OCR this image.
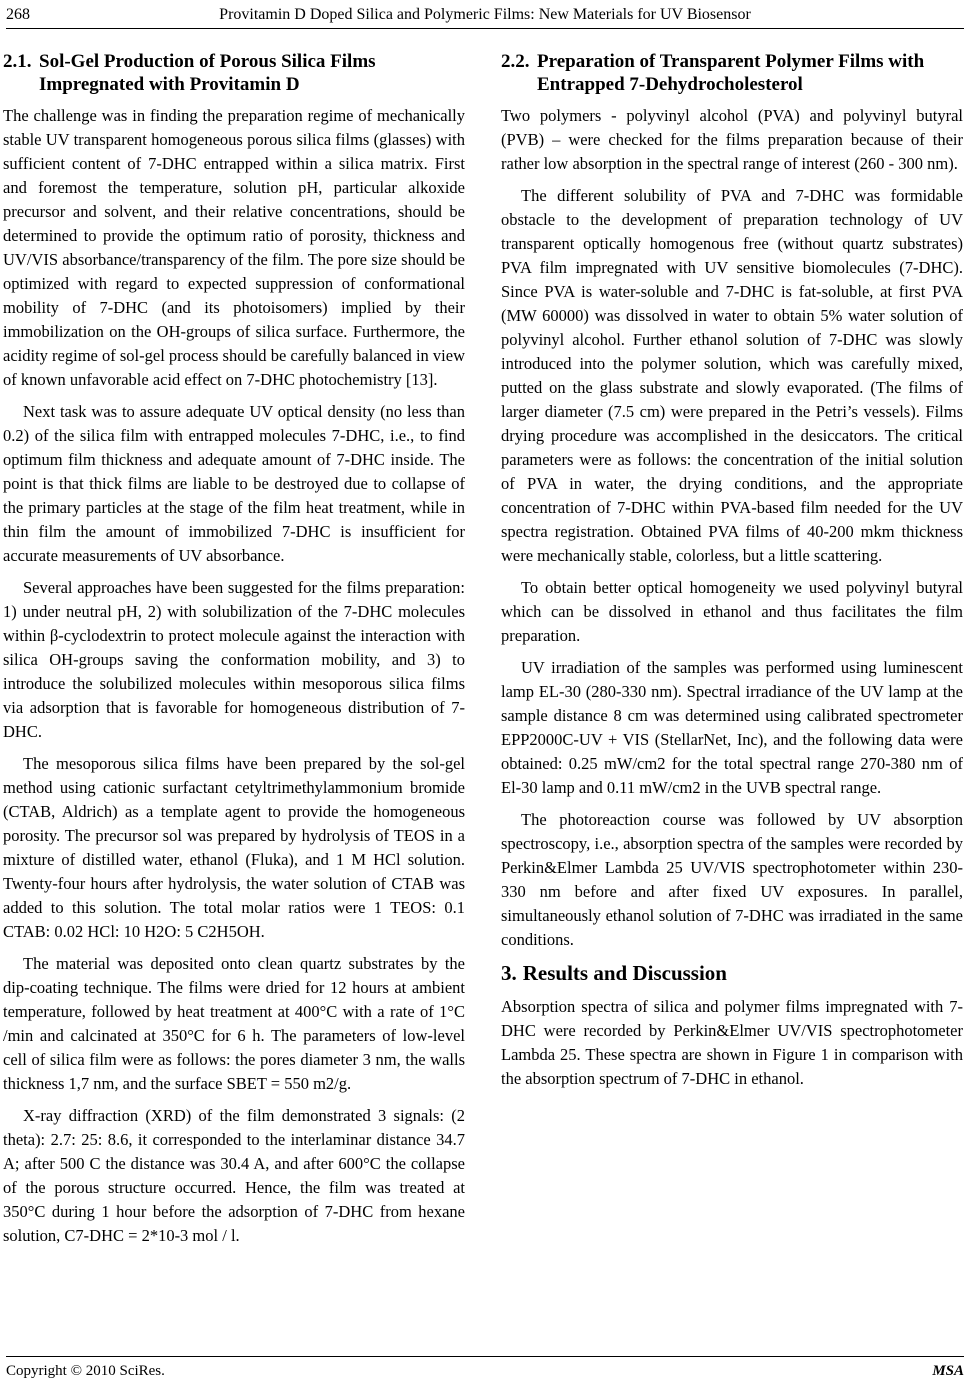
268	Provitamin D Doped Silica and Polymeric Films: New Materials for UV Biosensor
2.1. Sol-Gel Production of Porous Silica Films Impregnated with Provitamin D

The challenge was in finding the preparation regime of mechanically stable UV transparent homogeneous porous silica films (glasses) with sufficient content of 7-DHC entrapped within a silica matrix. First and foremost the temperature, solution pH, particular alkoxide precursor and solvent, and their relative concentrations, should be determined to provide the optimum ratio of porosity, thickness and UV/VIS absorbance/transparency of the film. The pore size should be optimized with regard to expected suppression of conformational mobility of 7-DHC (and its photoisomers) implied by their immobilization on the OH-groups of silica surface. Furthermore, the acidity regime of sol-gel process should be carefully balanced in view of known unfavorable acid effect on 7-DHC photochemistry [13].

Next task was to assure adequate UV optical density (no less than 0.2) of the silica film with entrapped molecules 7-DHC, i.e., to find optimum film thickness and adequate amount of 7-DHC inside. The point is that thick films are liable to be destroyed due to collapse of the primary particles at the stage of the film heat treatment, while in thin film the amount of immobilized 7-DHC is insufficient for accurate measurements of UV absorbance.

Several approaches have been suggested for the films preparation: 1) under neutral pH, 2) with solubilization of the 7-DHC molecules within β-cyclodextrin to protect molecule against the interaction with silica OH-groups saving the conformation mobility, and 3) to introduce the solubilized molecules within mesoporous silica films via adsorption that is favorable for homogeneous distribution of 7-DHC.

The mesoporous silica films have been prepared by the sol-gel method using cationic surfactant cetyltrimethylammonium bromide (CTAB, Aldrich) as a template agent to provide the homogeneous porosity. The precursor sol was prepared by hydrolysis of TEOS in a mixture of distilled water, ethanol (Fluka), and 1 M HCl solution. Twenty-four hours after hydrolysis, the water solution of CTAB was added to this solution. The total molar ratios were 1 TEOS: 0.1 CTAB: 0.02 HCl: 10 H2O: 5 C2H5OH.

The material was deposited onto clean quartz substrates by the dip-coating technique. The films were dried for 12 hours at ambient temperature, followed by heat treatment at 400°C with a rate of 1°C /min and calcinated at 350°C for 6 h. The parameters of low-level cell of silica film were as follows: the pores diameter 3 nm, the walls thickness 1,7 nm, and the surface SBET = 550 m2/g.

X-ray diffraction (XRD) of the film demonstrated 3 signals: (2 theta): 2.7: 25: 8.6, it corresponded to the interlaminar distance 34.7 A; after 500 C the distance was 30.4 A, and after 600°C the collapse of the porous structure occurred. Hence, the film was treated at 350°C during 1 hour before the adsorption of 7-DHC from hexane solution, C7-DHC = 2*10-3 mol / l.

2.2. Preparation of Transparent Polymer Films with Entrapped 7-Dehydrocholesterol

Two polymers - polyvinyl alcohol (PVA) and polyvinyl butyral (PVB) – were checked for the films preparation because of their rather low absorption in the spectral range of interest (260 - 300 nm).

The different solubility of PVA and 7-DHC was formidable obstacle to the development of preparation technology of UV transparent optically homogenous free (without quartz substrates) PVA film impregnated with UV sensitive biomolecules (7-DHC). Since PVA is water-soluble and 7-DHC is fat-soluble, at first PVA (MW 60000) was dissolved in water to obtain 5% water solution of polyvinyl alcohol. Further ethanol solution of 7-DHC was slowly introduced into the polymer solution, which was carefully mixed, putted on the glass substrate and slowly evaporated. (The films of larger diameter (7.5 cm) were prepared in the Petri’s vessels). Films drying procedure was accomplished in the desiccators. The critical parameters were as follows: the concentration of the initial solution of PVA in water, the drying conditions, and the appropriate concentration of 7-DHC within PVA-based film needed for the UV spectra registration. Obtained PVA films of 40-200 mkm thickness were mechanically stable, colorless, but a little scattering.

To obtain better optical homogeneity we used polyvinyl butyral which can be dissolved in ethanol and thus facilitates the film preparation.

UV irradiation of the samples was performed using luminescent lamp EL-30 (280-330 nm). Spectral irradiance of the UV lamp at the sample distance 8 cm was determined using calibrated spectrometer EPP2000C-UV + VIS (StellarNet, Inc), and the following data were obtained: 0.25 mW/cm2 for the total spectral range 270-380 nm of El-30 lamp and 0.11 mW/cm2 in the UVB spectral range.

The photoreaction course was followed by UV absorption spectroscopy, i.e., absorption spectra of the samples were recorded by Perkin&Elmer Lambda 25 UV/VIS spectrophotometer within 230-330 nm before and after fixed UV exposures. In parallel, simultaneously ethanol solution of 7-DHC was irradiated in the same conditions.

3. Results and Discussion

Absorption spectra of silica and polymer films impregnated with 7-DHC were recorded by Perkin&Elmer UV/VIS spectrophotometer Lambda 25. These spectra are shown in Figure 1 in comparison with the absorption spectrum of 7-DHC in ethanol.

Copyright © 2010 SciRes.	MSA
